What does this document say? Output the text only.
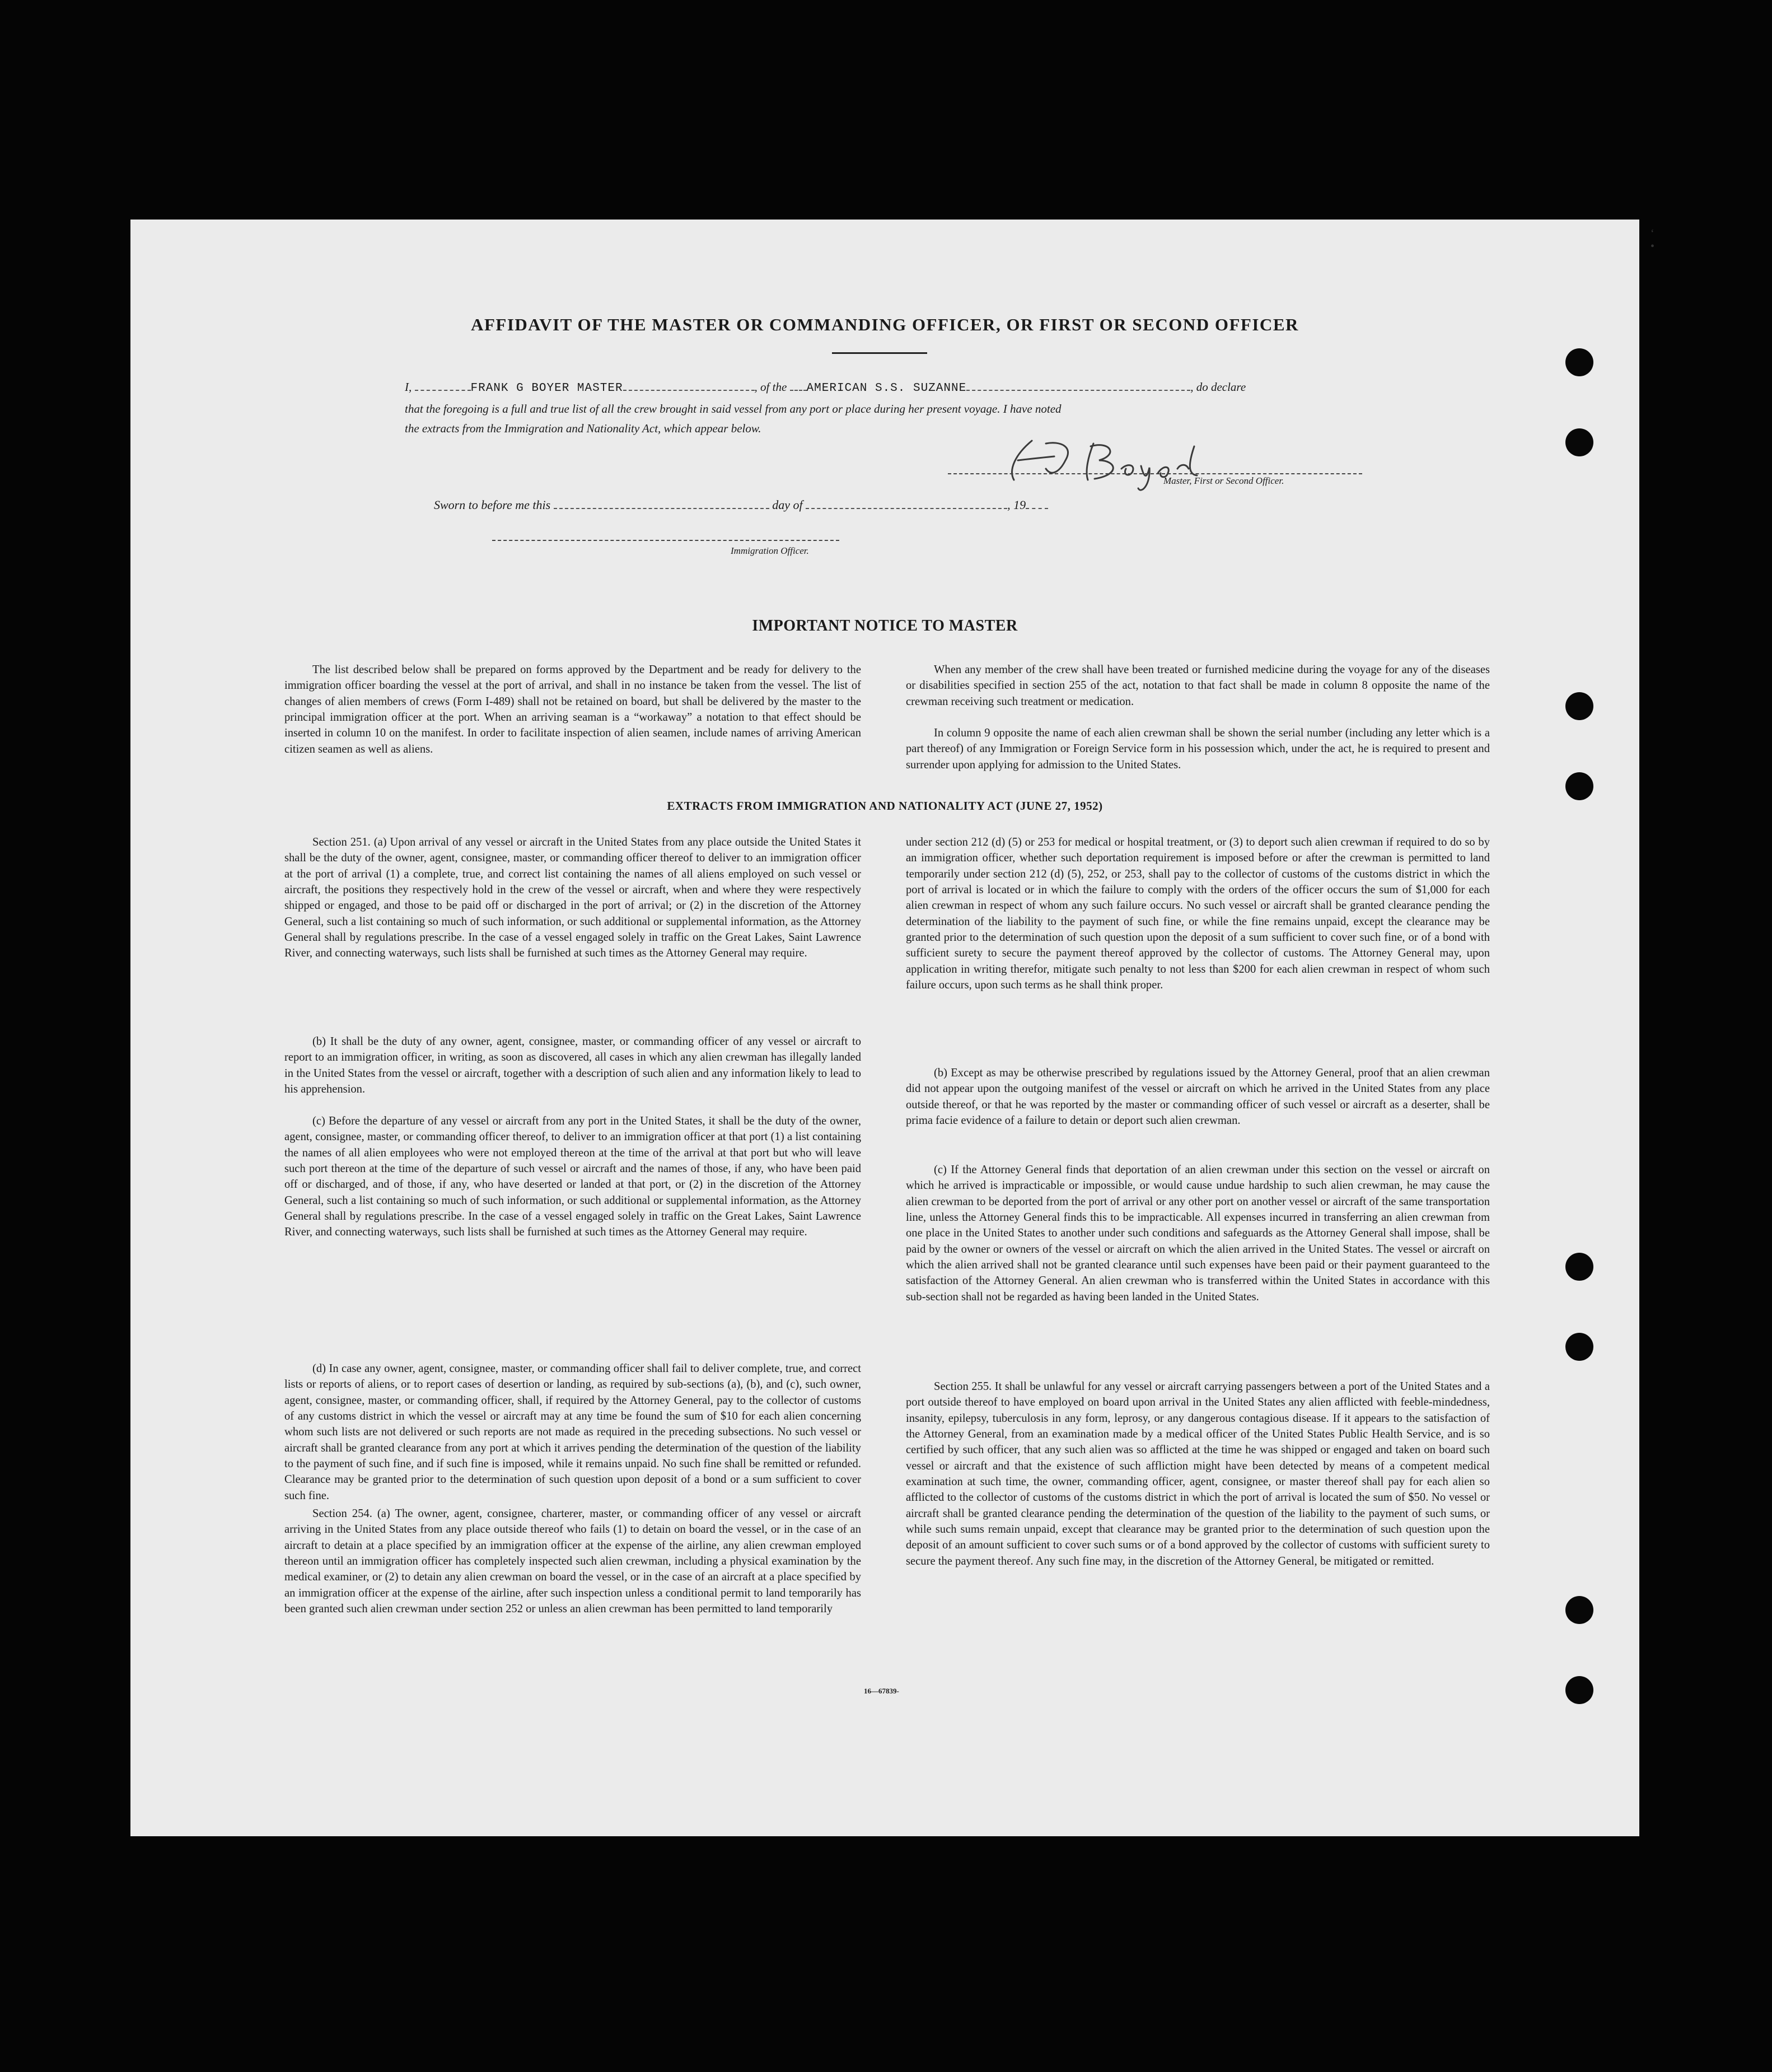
‘ •
AFFIDAVIT OF THE MASTER OR COMMANDING OFFICER, OR FIRST OR SECOND OFFICER
I,	FRANK G BOYER MASTER	, of the AMERICAN S.S. SUZANNE	, do declare
that the foregoing is a full and true list of all the crew brought in said vessel from any port or place during her present voyage. I have noted
the extracts from the Immigration and Nationality Act, which appear below.
Master, First or Second Officer.
Sworn to before me this	day of	, 19
Immigration Officer.
IMPORTANT NOTICE TO MASTER

The list described below shall be prepared on forms approved by the Department and be ready for delivery to the immigration officer boarding the vessel at the port of arrival, and shall in no instance be taken from the vessel. The list of changes of alien members of crews (Form I-489) shall not be retained on board, but shall be delivered by the master to the principal immigration officer at the port. When an arriving seaman is a “workaway” a notation to that effect should be inserted in column 10 on the manifest. In order to facilitate inspection of alien seamen, include names of arriving American citizen seamen as well as aliens.

When any member of the crew shall have been treated or furnished medicine during the voyage for any of the diseases or disabilities specified in section 255 of the act, notation to that fact shall be made in column 8 opposite the name of the crewman receiving such treatment or medication.

In column 9 opposite the name of each alien crewman shall be shown the serial number (including any letter which is a part thereof) of any Immigration or Foreign Service form in his possession which, under the act, he is required to present and surrender upon applying for admission to the United States.

EXTRACTS FROM IMMIGRATION AND NATIONALITY ACT (JUNE 27, 1952)

Section 251. (a) Upon arrival of any vessel or aircraft in the United States from any place outside the United States it shall be the duty of the owner, agent, consignee, master, or commanding officer thereof to deliver to an immigration officer at the port of arrival (1) a complete, true, and correct list containing the names of all aliens employed on such vessel or aircraft, the positions they respectively hold in the crew of the vessel or aircraft, when and where they were respectively shipped or engaged, and those to be paid off or discharged in the port of arrival; or (2) in the discretion of the Attorney General, such a list containing so much of such information, or such additional or supplemental information, as the Attorney General shall by regulations prescribe. In the case of a vessel engaged solely in traffic on the Great Lakes, Saint Lawrence River, and connecting waterways, such lists shall be furnished at such times as the Attorney General may require.

(b) It shall be the duty of any owner, agent, consignee, master, or commanding officer of any vessel or aircraft to report to an immigration officer, in writing, as soon as discovered, all cases in which any alien crewman has illegally landed in the United States from the vessel or aircraft, together with a description of such alien and any information likely to lead to his apprehension.

(c) Before the departure of any vessel or aircraft from any port in the United States, it shall be the duty of the owner, agent, consignee, master, or commanding officer thereof, to deliver to an immigration officer at that port (1) a list containing the names of all alien employees who were not employed thereon at the time of the arrival at that port but who will leave such port thereon at the time of the departure of such vessel or aircraft and the names of those, if any, who have been paid off or discharged, and of those, if any, who have deserted or landed at that port, or (2) in the discretion of the Attorney General, such a list containing so much of such information, or such additional or supplemental information, as the Attorney General shall by regulations prescribe. In the case of a vessel engaged solely in traffic on the Great Lakes, Saint Lawrence River, and connecting waterways, such lists shall be furnished at such times as the Attorney General may require.

(d) In case any owner, agent, consignee, master, or commanding officer shall fail to deliver complete, true, and correct lists or reports of aliens, or to report cases of desertion or landing, as required by sub-sections (a), (b), and (c), such owner, agent, consignee, master, or commanding officer, shall, if required by the Attorney General, pay to the collector of customs of any customs district in which the vessel or aircraft may at any time be found the sum of $10 for each alien concerning whom such lists are not delivered or such reports are not made as required in the preceding subsections. No such vessel or aircraft shall be granted clearance from any port at which it arrives pending the determination of the question of the liability to the payment of such fine, and if such fine is imposed, while it remains unpaid. No such fine shall be remitted or refunded. Clearance may be granted prior to the determination of such question upon deposit of a bond or a sum sufficient to cover such fine.

Section 254. (a) The owner, agent, consignee, charterer, master, or commanding officer of any vessel or aircraft arriving in the United States from any place outside thereof who fails (1) to detain on board the vessel, or in the case of an aircraft to detain at a place specified by an immigration officer at the expense of the airline, any alien crewman employed thereon until an immigration officer has completely inspected such alien crewman, including a physical examination by the medical examiner, or (2) to detain any alien crewman on board the vessel, or in the case of an aircraft at a place specified by an immigration officer at the expense of the airline, after such inspection unless a conditional permit to land temporarily has been granted such alien crewman under section 252 or unless an alien crewman has been permitted to land temporarily

under section 212 (d) (5) or 253 for medical or hospital treatment, or (3) to deport such alien crewman if required to do so by an immigration officer, whether such deportation requirement is imposed before or after the crewman is permitted to land temporarily under section 212 (d) (5), 252, or 253, shall pay to the collector of customs of the customs district in which the port of arrival is located or in which the failure to comply with the orders of the officer occurs the sum of $1,000 for each alien crewman in respect of whom any such failure occurs. No such vessel or aircraft shall be granted clearance pending the determination of the liability to the payment of such fine, or while the fine remains unpaid, except the clearance may be granted prior to the determination of such question upon the deposit of a sum sufficient to cover such fine, or of a bond with sufficient surety to secure the payment thereof approved by the collector of customs. The Attorney General may, upon application in writing therefor, mitigate such penalty to not less than $200 for each alien crewman in respect of whom such failure occurs, upon such terms as he shall think proper.

(b) Except as may be otherwise prescribed by regulations issued by the Attorney General, proof that an alien crewman did not appear upon the outgoing manifest of the vessel or aircraft on which he arrived in the United States from any place outside thereof, or that he was reported by the master or commanding officer of such vessel or aircraft as a deserter, shall be prima facie evidence of a failure to detain or deport such alien crewman.

(c) If the Attorney General finds that deportation of an alien crewman under this section on the vessel or aircraft on which he arrived is impracticable or impossible, or would cause undue hardship to such alien crewman, he may cause the alien crewman to be deported from the port of arrival or any other port on another vessel or aircraft of the same transportation line, unless the Attorney General finds this to be impracticable. All expenses incurred in transferring an alien crewman from one place in the United States to another under such conditions and safeguards as the Attorney General shall impose, shall be paid by the owner or owners of the vessel or aircraft on which the alien arrived in the United States. The vessel or aircraft on which the alien arrived shall not be granted clearance until such expenses have been paid or their payment guaranteed to the satisfaction of the Attorney General. An alien crewman who is transferred within the United States in accordance with this sub-section shall not be regarded as having been landed in the United States.

Section 255. It shall be unlawful for any vessel or aircraft carrying passengers between a port of the United States and a port outside thereof to have employed on board upon arrival in the United States any alien afflicted with feeble-mindedness, insanity, epilepsy, tuberculosis in any form, leprosy, or any dangerous contagious disease. If it appears to the satisfaction of the Attorney General, from an examination made by a medical officer of the United States Public Health Service, and is so certified by such officer, that any such alien was so afflicted at the time he was shipped or engaged and taken on board such vessel or aircraft and that the existence of such affliction might have been detected by means of a competent medical examination at such time, the owner, commanding officer, agent, consignee, or master thereof shall pay for each alien so afflicted to the collector of customs of the customs district in which the port of arrival is located the sum of $50. No vessel or aircraft shall be granted clearance pending the determination of the question of the liability to the payment of such sums, or while such sums remain unpaid, except that clearance may be granted prior to the determination of such question upon the deposit of an amount sufficient to cover such sums or of a bond approved by the collector of customs with sufficient surety to secure the payment thereof. Any such fine may, in the discretion of the Attorney General, be mitigated or remitted.

16—67839-
